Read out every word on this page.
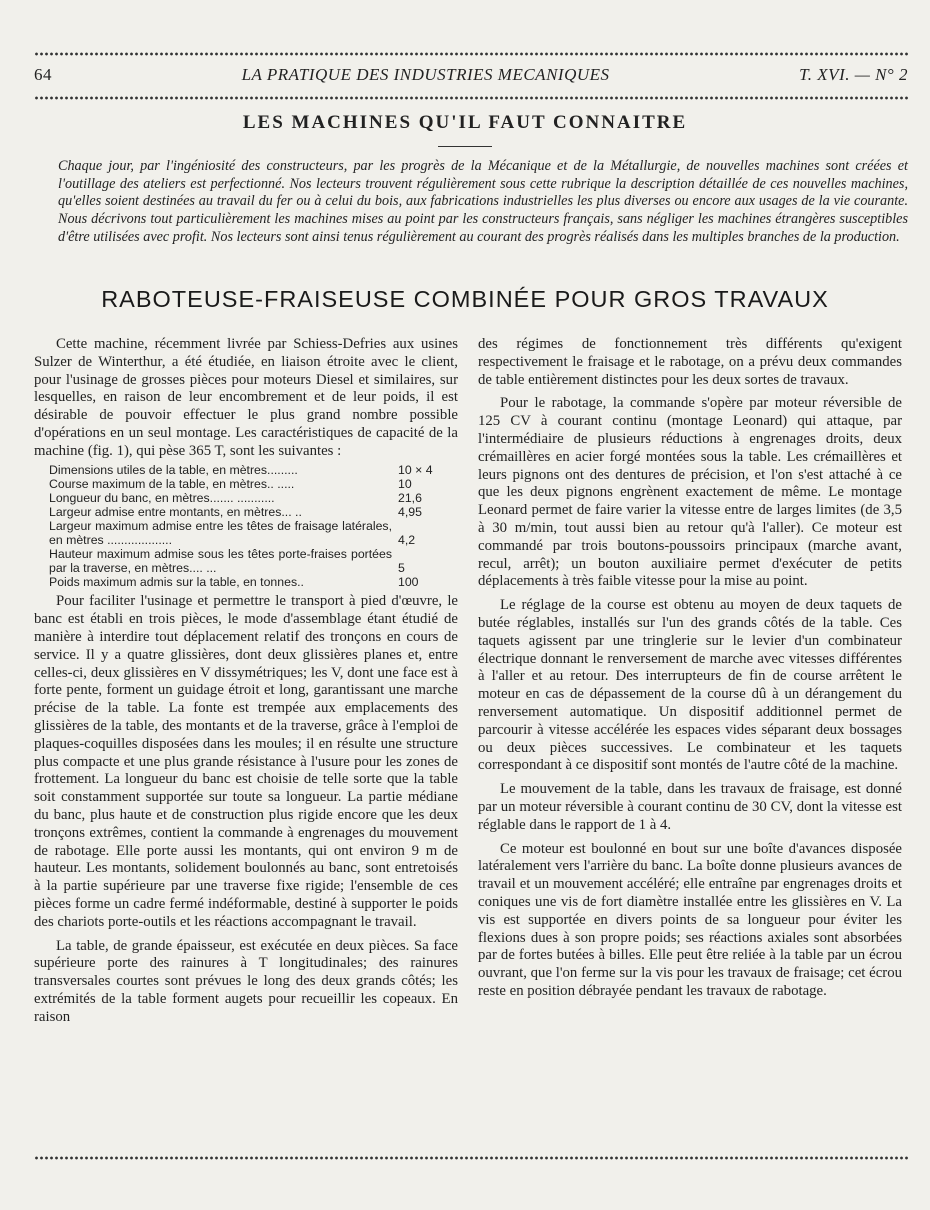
64	LA PRATIQUE DES INDUSTRIES MECANIQUES	T. XVI. — N° 2
LES MACHINES QU'IL FAUT CONNAITRE
Chaque jour, par l'ingéniosité des constructeurs, par les progrès de la Mécanique et de la Métallurgie, de nouvelles machines sont créées et l'outillage des ateliers est perfectionné. Nos lecteurs trouvent régulièrement sous cette rubrique la description détaillée de ces nouvelles machines, qu'elles soient destinées au travail du fer ou à celui du bois, aux fabrications industrielles les plus diverses ou encore aux usages de la vie courante. Nous décrivons tout particulièrement les machines mises au point par les constructeurs français, sans négliger les machines étrangères susceptibles d'être utilisées avec profit. Nos lecteurs sont ainsi tenus régulièrement au courant des progrès réalisés dans les multiples branches de la production.
RABOTEUSE-FRAISEUSE COMBINÉE POUR GROS TRAVAUX

Cette machine, récemment livrée par Schiess-Defries aux usines Sulzer de Winterthur, a été étudiée, en liaison étroite avec le client, pour l'usinage de grosses pièces pour moteurs Diesel et similaires, sur lesquelles, en raison de leur encombrement et de leur poids, il est désirable de pouvoir effectuer le plus grand nombre possible d'opérations en un seul montage. Les caractéristiques de capacité de la machine (fig. 1), qui pèse 365 T, sont les suivantes :

Dimensions utiles de la table, en mètres.........	10 × 4
Course maximum de la table, en mètres.. .....	10
Longueur du banc, en mètres....... ...........	21,6
Largeur admise entre montants, en mètres... ..	4,95
Largeur maximum admise entre les têtes de fraisage latérales, en mètres ...................	4,2
Hauteur maximum admise sous les têtes porte-fraises portées par la traverse, en mètres.... ...	5
Poids maximum admis sur la table, en tonnes..	100

Pour faciliter l'usinage et permettre le transport à pied d'œuvre, le banc est établi en trois pièces, le mode d'assemblage étant étudié de manière à interdire tout déplacement relatif des tronçons en cours de service. Il y a quatre glissières, dont deux glissières planes et, entre celles-ci, deux glissières en V dissymétriques; les V, dont une face est à forte pente, forment un guidage étroit et long, garantissant une marche précise de la table. La fonte est trempée aux emplacements des glissières de la table, des montants et de la traverse, grâce à l'emploi de plaques-coquilles disposées dans les moules; il en résulte une structure plus compacte et une plus grande résistance à l'usure pour les zones de frottement. La longueur du banc est choisie de telle sorte que la table soit constamment supportée sur toute sa longueur. La partie médiane du banc, plus haute et de construction plus rigide encore que les deux tronçons extrêmes, contient la commande à engrenages du mouvement de rabotage. Elle porte aussi les montants, qui ont environ 9 m de hauteur. Les montants, solidement boulonnés au banc, sont entretoisés à la partie supérieure par une traverse fixe rigide; l'ensemble de ces pièces forme un cadre fermé indéformable, destiné à supporter le poids des chariots porte-outils et les réactions accompagnant le travail.

La table, de grande épaisseur, est exécutée en deux pièces. Sa face supérieure porte des rainures à T longitudinales; des rainures transversales courtes sont prévues le long des deux grands côtés; les extrémités de la table forment augets pour recueillir les copeaux. En raison

des régimes de fonctionnement très différents qu'exigent respectivement le fraisage et le rabotage, on a prévu deux commandes de table entièrement distinctes pour les deux sortes de travaux.

Pour le rabotage, la commande s'opère par moteur réversible de 125 CV à courant continu (montage Leonard) qui attaque, par l'intermédiaire de plusieurs réductions à engrenages droits, deux crémaillères en acier forgé montées sous la table. Les crémaillères et leurs pignons ont des dentures de précision, et l'on s'est attaché à ce que les deux pignons engrènent exactement de même. Le montage Leonard permet de faire varier la vitesse entre de larges limites (de 3,5 à 30 m/min, tout aussi bien au retour qu'à l'aller). Ce moteur est commandé par trois boutons-poussoirs principaux (marche avant, recul, arrêt); un bouton auxiliaire permet d'exécuter de petits déplacements à très faible vitesse pour la mise au point.

Le réglage de la course est obtenu au moyen de deux taquets de butée réglables, installés sur l'un des grands côtés de la table. Ces taquets agissent par une tringlerie sur le levier d'un combinateur électrique donnant le renversement de marche avec vitesses différentes à l'aller et au retour. Des interrupteurs de fin de course arrêtent le moteur en cas de dépassement de la course dû à un dérangement du renversement automatique. Un dispositif additionnel permet de parcourir à vitesse accélérée les espaces vides séparant deux bossages ou deux pièces successives. Le combinateur et les taquets correspondant à ce dispositif sont montés de l'autre côté de la machine.

Le mouvement de la table, dans les travaux de fraisage, est donné par un moteur réversible à courant continu de 30 CV, dont la vitesse est réglable dans le rapport de 1 à 4.

Ce moteur est boulonné en bout sur une boîte d'avances disposée latéralement vers l'arrière du banc. La boîte donne plusieurs avances de travail et un mouvement accéléré; elle entraîne par engrenages droits et coniques une vis de fort diamètre installée entre les glissières en V. La vis est supportée en divers points de sa longueur pour éviter les flexions dues à son propre poids; ses réactions axiales sont absorbées par de fortes butées à billes. Elle peut être reliée à la table par un écrou ouvrant, que l'on ferme sur la vis pour les travaux de fraisage; cet écrou reste en position débrayée pendant les travaux de rabotage.
